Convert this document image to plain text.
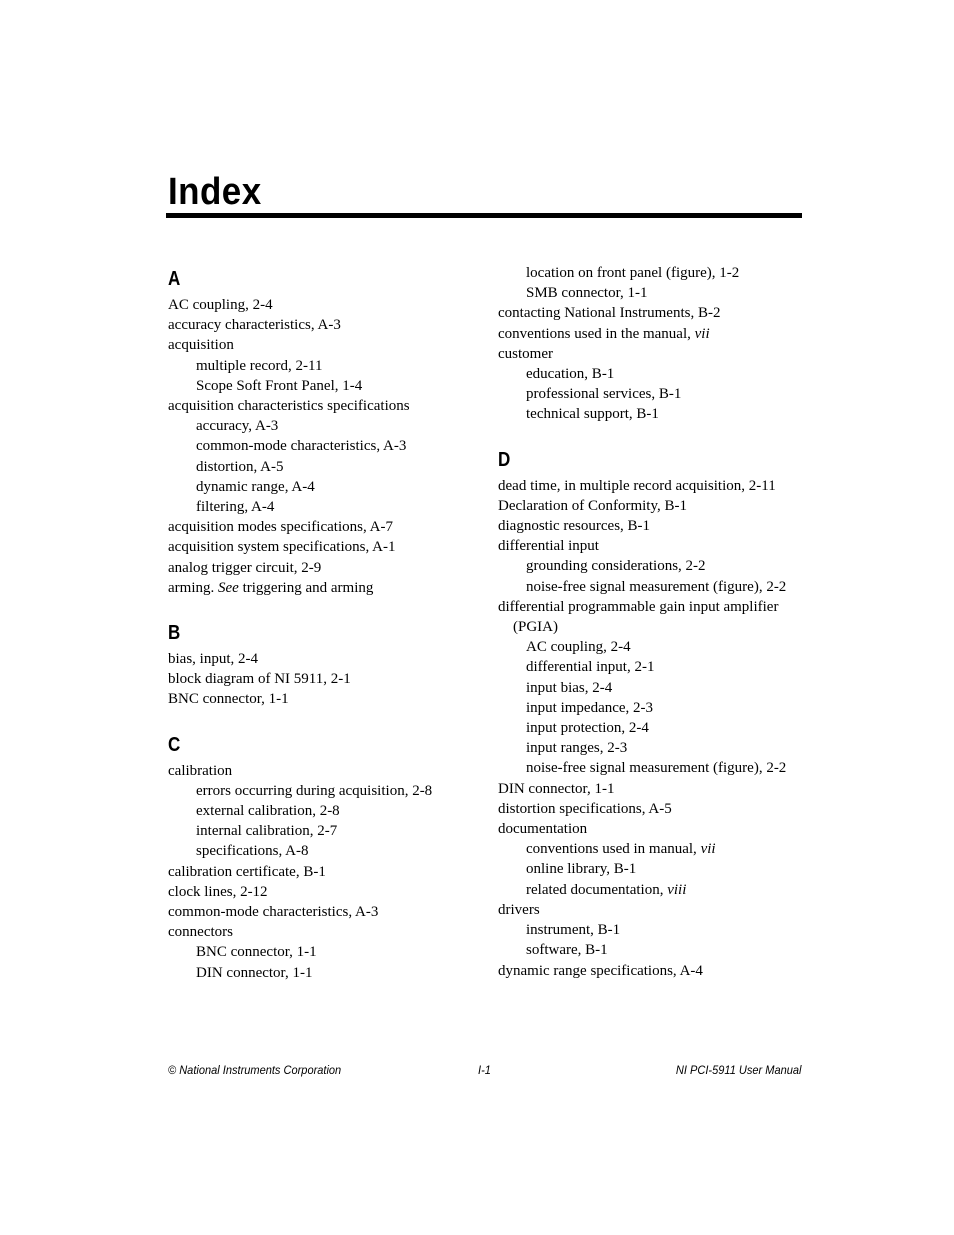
Index
A
AC coupling, 2-4
accuracy characteristics, A-3
acquisition
multiple record, 2-11
Scope Soft Front Panel, 1-4
acquisition characteristics specifications
accuracy, A-3
common-mode characteristics, A-3
distortion, A-5
dynamic range, A-4
filtering, A-4
acquisition modes specifications, A-7
acquisition system specifications, A-1
analog trigger circuit, 2-9
arming. See triggering and arming
B
bias, input, 2-4
block diagram of NI 5911, 2-1
BNC connector, 1-1
C
calibration
errors occurring during acquisition, 2-8
external calibration, 2-8
internal calibration, 2-7
specifications, A-8
calibration certificate, B-1
clock lines, 2-12
common-mode characteristics, A-3
connectors
BNC connector, 1-1
DIN connector, 1-1
location on front panel (figure), 1-2
SMB connector, 1-1
contacting National Instruments, B-2
conventions used in the manual, vii
customer
education, B-1
professional services, B-1
technical support, B-1
D
dead time, in multiple record acquisition, 2-11
Declaration of Conformity, B-1
diagnostic resources, B-1
differential input
grounding considerations, 2-2
noise-free signal measurement (figure), 2-2
differential programmable gain input amplifier
(PGIA)
AC coupling, 2-4
differential input, 2-1
input bias, 2-4
input impedance, 2-3
input protection, 2-4
input ranges, 2-3
noise-free signal measurement (figure), 2-2
DIN connector, 1-1
distortion specifications, A-5
documentation
conventions used in manual, vii
online library, B-1
related documentation, viii
drivers
instrument, B-1
software, B-1
dynamic range specifications, A-4
© National Instruments Corporation	I-1	NI PCI-5911 User Manual
